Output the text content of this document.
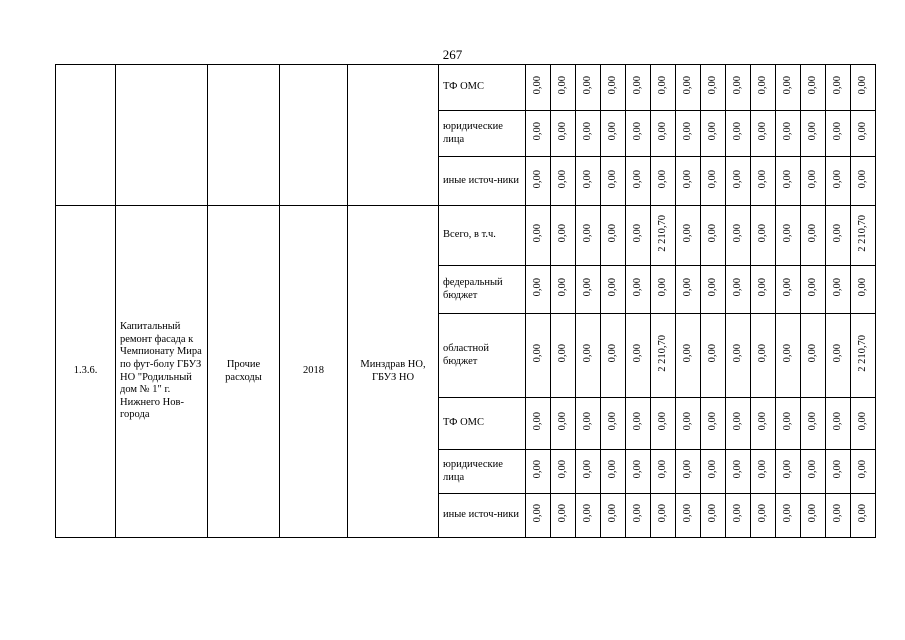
267
					ТФ ОМС	0,00	0,00	0,00	0,00	0,00	0,00	0,00	0,00	0,00	0,00	0,00	0,00	0,00	0,00
					юридические лица	0,00	0,00	0,00	0,00	0,00	0,00	0,00	0,00	0,00	0,00	0,00	0,00	0,00	0,00
					иные источ-ники	0,00	0,00	0,00	0,00	0,00	0,00	0,00	0,00	0,00	0,00	0,00	0,00	0,00	0,00
1.3.6.	Капитальный ремонт фасада к Чемпионату Мира по фут-болу ГБУЗ НО "Родильный дом № 1" г. Нижнего Нов-города	Прочие расходы	2018	Минздрав НО, ГБУЗ НО	Всего, в т.ч.	0,00	0,00	0,00	0,00	0,00	2 210,70	0,00	0,00	0,00	0,00	0,00	0,00	0,00	2 210,70
					федеральный бюджет	0,00	0,00	0,00	0,00	0,00	0,00	0,00	0,00	0,00	0,00	0,00	0,00	0,00	0,00
					областной бюджет	0,00	0,00	0,00	0,00	0,00	2 210,70	0,00	0,00	0,00	0,00	0,00	0,00	0,00	2 210,70
					ТФ ОМС	0,00	0,00	0,00	0,00	0,00	0,00	0,00	0,00	0,00	0,00	0,00	0,00	0,00	0,00
					юридические лица	0,00	0,00	0,00	0,00	0,00	0,00	0,00	0,00	0,00	0,00	0,00	0,00	0,00	0,00
					иные источ-ники	0,00	0,00	0,00	0,00	0,00	0,00	0,00	0,00	0,00	0,00	0,00	0,00	0,00	0,00
